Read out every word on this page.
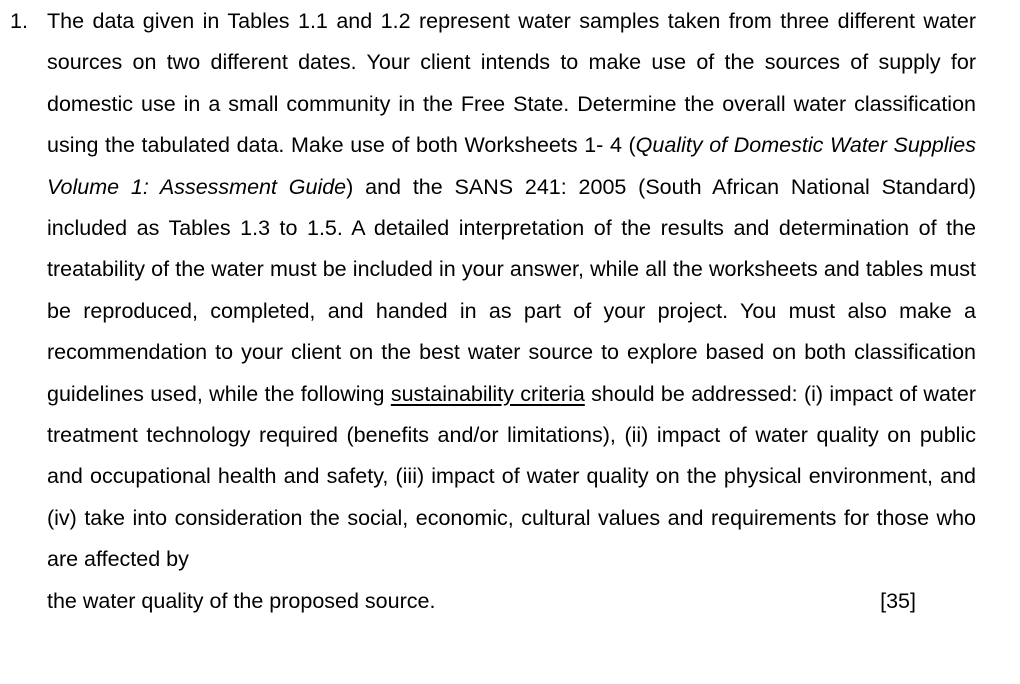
1. The data given in Tables 1.1 and 1.2 represent water samples taken from three different water sources on two different dates. Your client intends to make use of the sources of supply for domestic use in a small community in the Free State. Determine the overall water classification using the tabulated data. Make use of both Worksheets 1- 4 (Quality of Domestic Water Supplies Volume 1: Assessment Guide) and the SANS 241: 2005 (South African National Standard) included as Tables 1.3 to 1.5. A detailed interpretation of the results and determination of the treatability of the water must be included in your answer, while all the worksheets and tables must be reproduced, completed, and handed in as part of your project. You must also make a recommendation to your client on the best water source to explore based on both classification guidelines used, while the following sustainability criteria should be addressed: (i) impact of water treatment technology required (benefits and/or limitations), (ii) impact of water quality on public and occupational health and safety, (iii) impact of water quality on the physical environment, and (iv) take into consideration the social, economic, cultural values and requirements for those who are affected by
the water quality of the proposed source.	[35]
